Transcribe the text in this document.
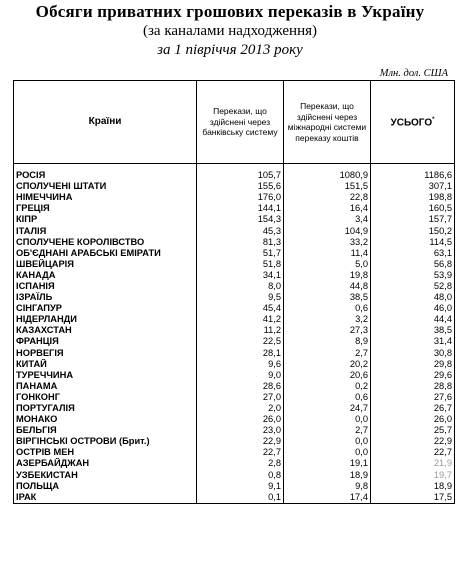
Обсяги приватних грошових переказів в Україну
(за каналами надходження)
за 1 півріччя 2013 року
Млн. дол. США
Країни	Перекази, що здійснені через банківську систему	Перекази, що здійснені через міжнародні системи переказу коштів	УСЬОГО*
РОСІЯ	105,7	1080,9	1186,6
СПОЛУЧЕНІ ШТАТИ	155,6	151,5	307,1
НІМЕЧЧИНА	176,0	22,8	198,8
ГРЕЦІЯ	144,1	16,4	160,5
КІПР	154,3	3,4	157,7
ІТАЛІЯ	45,3	104,9	150,2
СПОЛУЧЕНЕ КОРОЛІВСТВО	81,3	33,2	114,5
ОБ'ЄДНАНІ АРАБСЬКІ ЕМІРАТИ	51,7	11,4	63,1
ШВЕЙЦАРІЯ	51,8	5,0	56,8
КАНАДА	34,1	19,8	53,9
ІСПАНІЯ	8,0	44,8	52,8
ІЗРАЇЛЬ	9,5	38,5	48,0
СІНГАПУР	45,4	0,6	46,0
НІДЕРЛАНДИ	41,2	3,2	44,4
КАЗАХСТАН	11,2	27,3	38,5
ФРАНЦІЯ	22,5	8,9	31,4
НОРВЕГІЯ	28,1	2,7	30,8
КИТАЙ	9,6	20,2	29,8
ТУРЕЧЧИНА	9,0	20,6	29,6
ПАНАМА	28,6	0,2	28,8
ГОНКОНГ	27,0	0,6	27,6
ПОРТУГАЛІЯ	2,0	24,7	26,7
МОНАКО	26,0	0,0	26,0
БЕЛЬГІЯ	23,0	2,7	25,7
ВІРГІНСЬКІ ОСТРОВИ (Брит.)	22,9	0,0	22,9
ОСТРІВ МЕН	22,7	0,0	22,7
АЗЕРБАЙДЖАН	2,8	19,1	21,9
УЗБЕКИСТАН	0,8	18,9	19,7
ПОЛЬЩА	9,1	9,8	18,9
ІРАК	0,1	17,4	17,5
